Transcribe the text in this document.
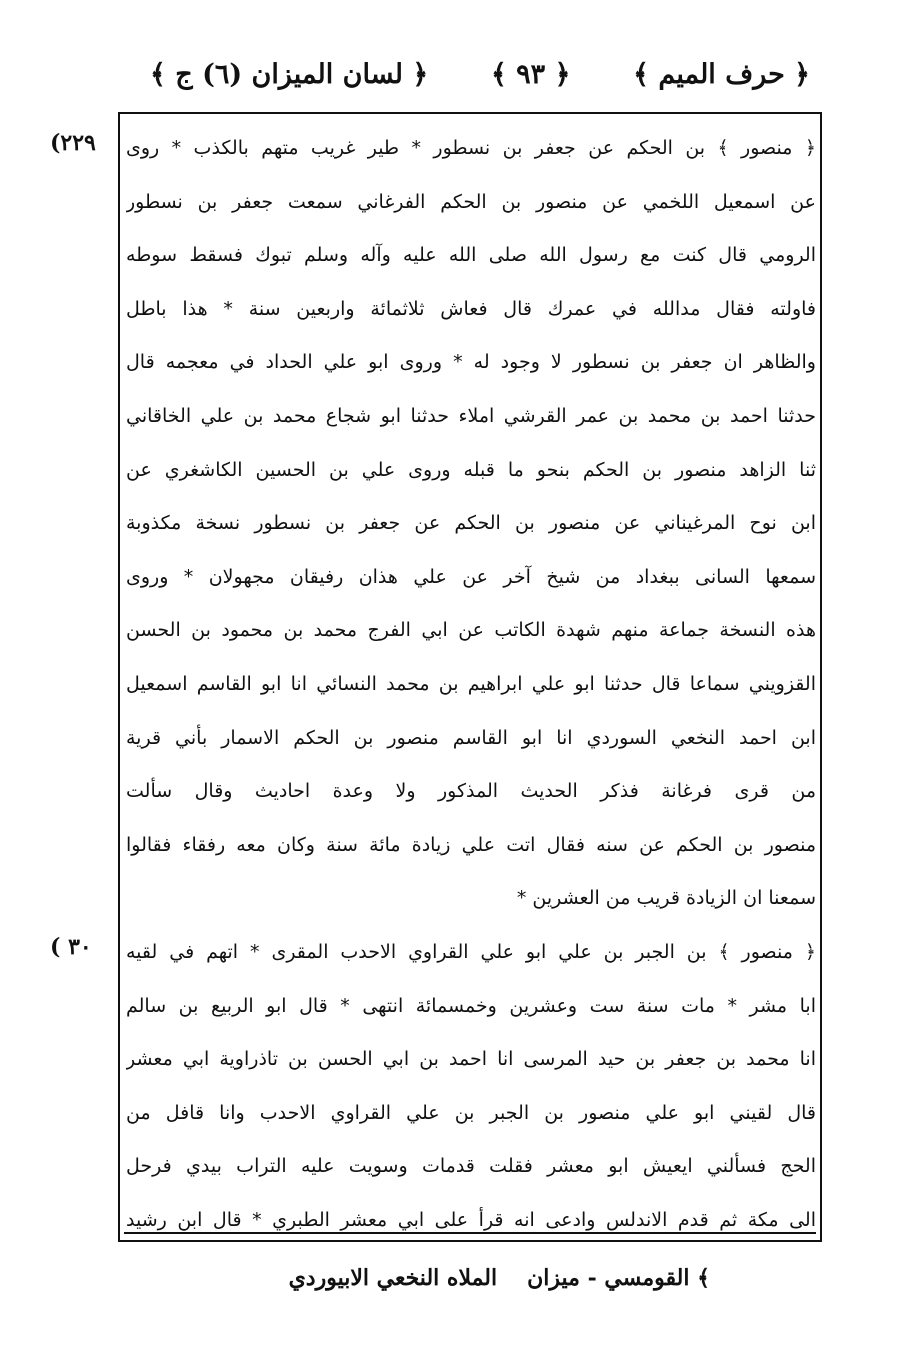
﴿ حرف الميم ﴾
﴿ ٩٣ ﴾
﴿ لسان الميزان (٦) ج ﴾
(٢٢٩
( ٣٠
﴿ منصور ﴾ بن الحكم عن جعفر بن نسطور * طير غريب متهم بالكذب * روى
عن اسمعيل اللخمي عن منصور بن الحكم الفرغاني سمعت جعفر بن نسطور
الرومي قال كنت مع رسول الله صلى الله عليه وآله وسلم تبوك فسقط سوطه
فاولته فقال مدالله في عمرك قال فعاش ثلاثمائة واربعين سنة * هذا باطل
والظاهر ان جعفر بن نسطور لا وجود له * وروى ابو علي الحداد في معجمه قال
حدثنا احمد بن محمد بن عمر القرشي املاء حدثنا ابو شجاع محمد بن علي الخاقاني
ثنا الزاهد منصور بن الحكم بنحو ما قبله وروى علي بن الحسين الكاشغري عن
ابن نوح المرغيناني عن منصور بن الحكم عن جعفر بن نسطور نسخة مكذوبة
سمعها السانى ببغداد من شيخ آخر عن علي هذان رفيقان مجهولان * وروى
هذه النسخة جماعة منهم شهدة الكاتب عن ابي الفرج محمد بن محمود بن الحسن
القزويني سماعا قال حدثنا ابو علي ابراهيم بن محمد النسائي انا ابو القاسم اسمعيل
ابن احمد النخعي السوردي انا ابو القاسم منصور بن الحكم الاسمار بأني قرية
من قرى فرغانة فذكر الحديث المذكور ولا وعدة احاديث وقال سألت
منصور بن الحكم عن سنه فقال اتت علي زيادة مائة سنة وكان معه رفقاء فقالوا
سمعنا ان الزيادة قريب من العشرين *
﴿ منصور ﴾ بن الجبر بن علي ابو علي القراوي الاحدب المقرى * اتهم في لقيه
ابا مشر * مات سنة ست وعشرين وخمسمائة انتهى * قال ابو الربيع بن سالم
انا محمد بن جعفر بن حيد المرسى انا احمد بن ابي الحسن بن تاذراوية ابي معشر
قال لقيني ابو علي منصور بن الجبر بن علي القراوي الاحدب وانا قافل من
الحج فسألني ايعيش ابو معشر فقلت قدمات وسويت عليه التراب بيدي فرحل
الى مكة ثم قدم الاندلس وادعى انه قرأ على ابي معشر الطبري * قال ابن رشيد
﴾ القومسي - ميزان
الملاه النخعي الابيوردي
